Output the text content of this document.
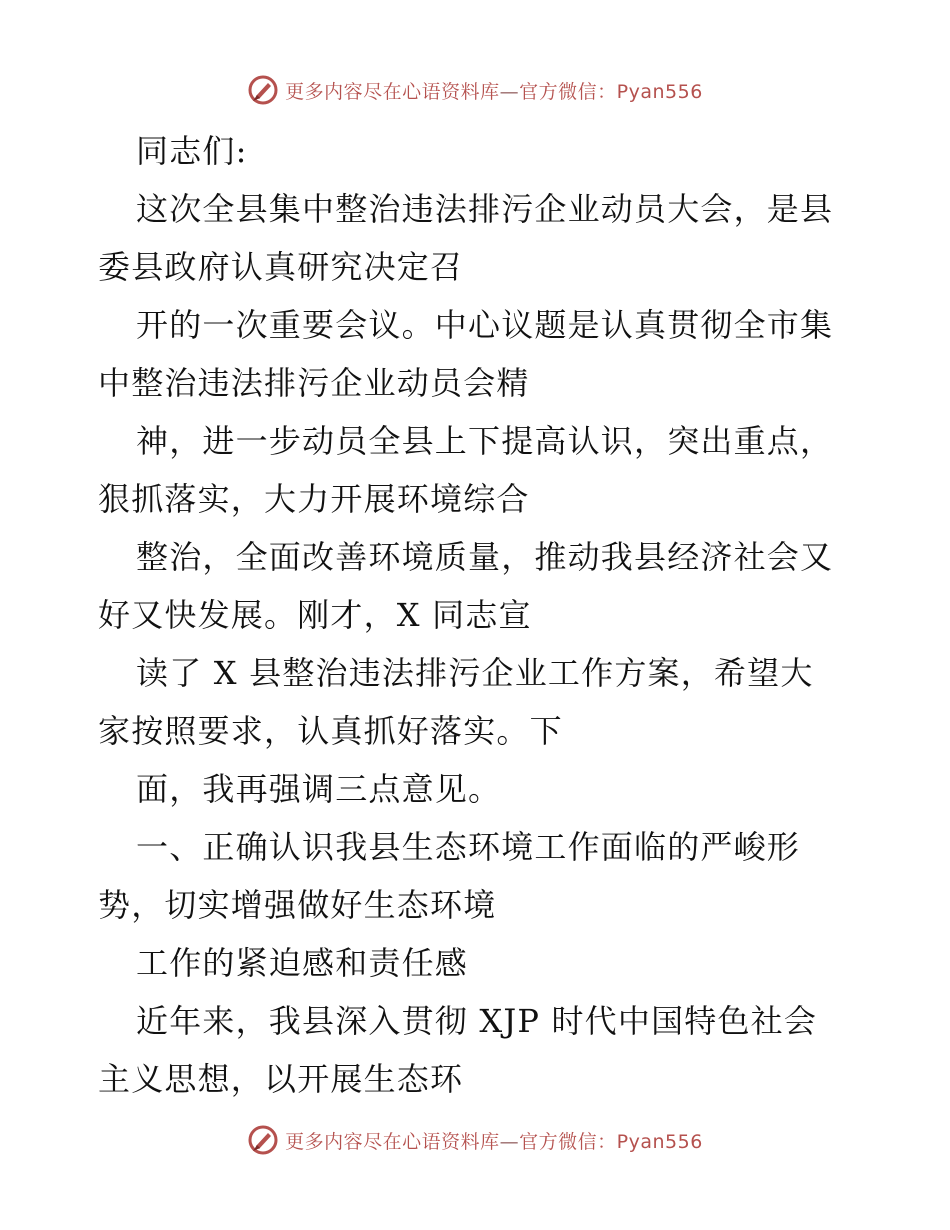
更多内容尽在心语资料库—官方微信：Pyan556

同志们:

这次全县集中整治违法排污企业动员大会，是县

委县政府认真研究决定召

开的一次重要会议。中心议题是认真贯彻全市集

中整治违法排污企业动员会精

神，进一步动员全县上下提高认识，突出重点，

狠抓落实，大力开展环境综合

整治，全面改善环境质量，推动我县经济社会又

好又快发展。刚才，X 同志宣

读了 X 县整治违法排污企业工作方案，希望大

家按照要求，认真抓好落实。下

面，我再强调三点意见。

一、正确认识我县生态环境工作面临的严峻形

势，切实增强做好生态环境

工作的紧迫感和责任感

近年来，我县深入贯彻 XJP 时代中国特色社会

主义思想，以开展生态环

更多内容尽在心语资料库—官方微信：Pyan556
